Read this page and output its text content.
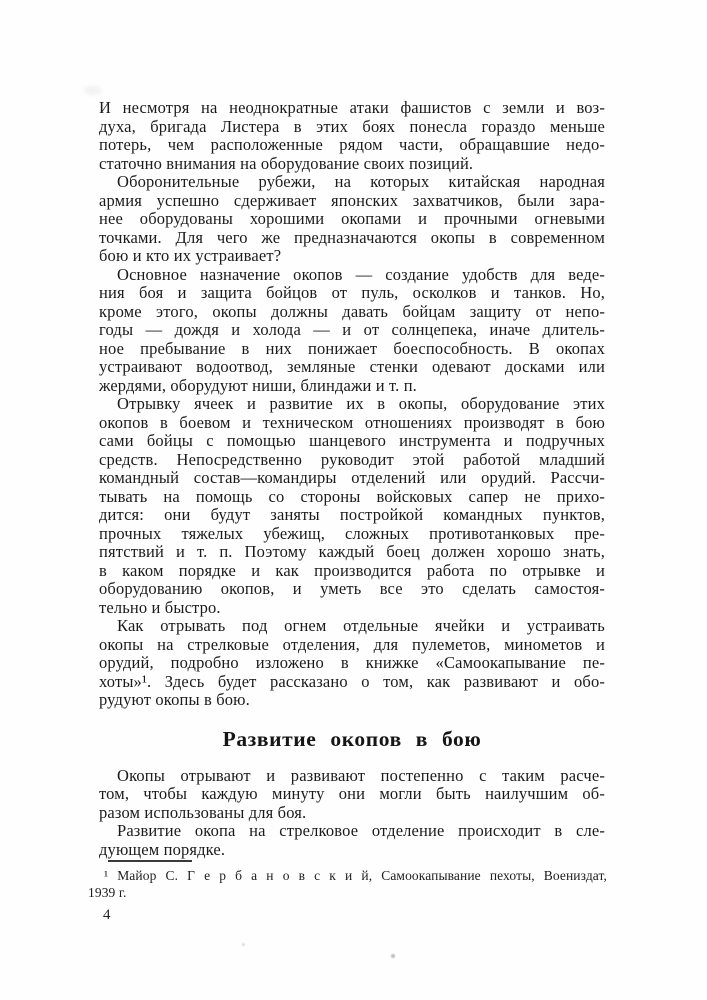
И несмотря на неоднократные атаки фашистов с земли и воз-
духа, бригада Листера в этих боях понесла гораздо меньше
потерь, чем расположенные рядом части, обращавшие недо-
статочно внимания на оборудование своих позиций.
Оборонительные рубежи, на которых китайская народная
армия успешно сдерживает японских захватчиков, были зара-
нее оборудованы хорошими окопами и прочными огневыми
точками. Для чего же предназначаются окопы в современном
бою и кто их устраивает?
Основное назначение окопов — создание удобств для веде-
ния боя и защита бойцов от пуль, осколков и танков. Но,
кроме этого, окопы должны давать бойцам защиту от непо-
годы — дождя и холода — и от солнцепека, иначе длитель-
ное пребывание в них понижает боеспособность. В окопах
устраивают водоотвод, земляные стенки одевают досками или
жердями, оборудуют ниши, блиндажи и т. п.
Отрывку ячеек и развитие их в окопы, оборудование этих
окопов в боевом и техническом отношениях производят в бою
сами бойцы с помощью шанцевого инструмента и подручных
средств. Непосредственно руководит этой работой младший
командный состав—командиры отделений или орудий. Рассчи-
тывать на помощь со стороны войсковых сапер не прихо-
дится: они будут заняты постройкой командных пунктов,
прочных тяжелых убежищ, сложных противотанковых пре-
пятствий и т. п. Поэтому каждый боец должен хорошо знать,
в каком порядке и как производится работа по отрывке и
оборудованию окопов, и уметь все это сделать самостоя-
тельно и быстро.
Как отрывать под огнем отдельные ячейки и устраивать
окопы на стрелковые отделения, для пулеметов, минометов и
орудий, подробно изложено в книжке «Самоокапывание пе-
хоты»¹. Здесь будет рассказано о том, как развивают и обо-
рудуют окопы в бою.
Развитие окопов в бою
Окопы отрывают и развивают постепенно с таким расче-
том, чтобы каждую минуту они могли быть наилучшим об-
разом использованы для боя.
Развитие окопа на стрелковое отделение происходит в сле-
дующем порядке.
¹ Майор С. Г е р б а н о в с к и й, Самоокапывание пехоты, Воениздат,
1939 г.
4
